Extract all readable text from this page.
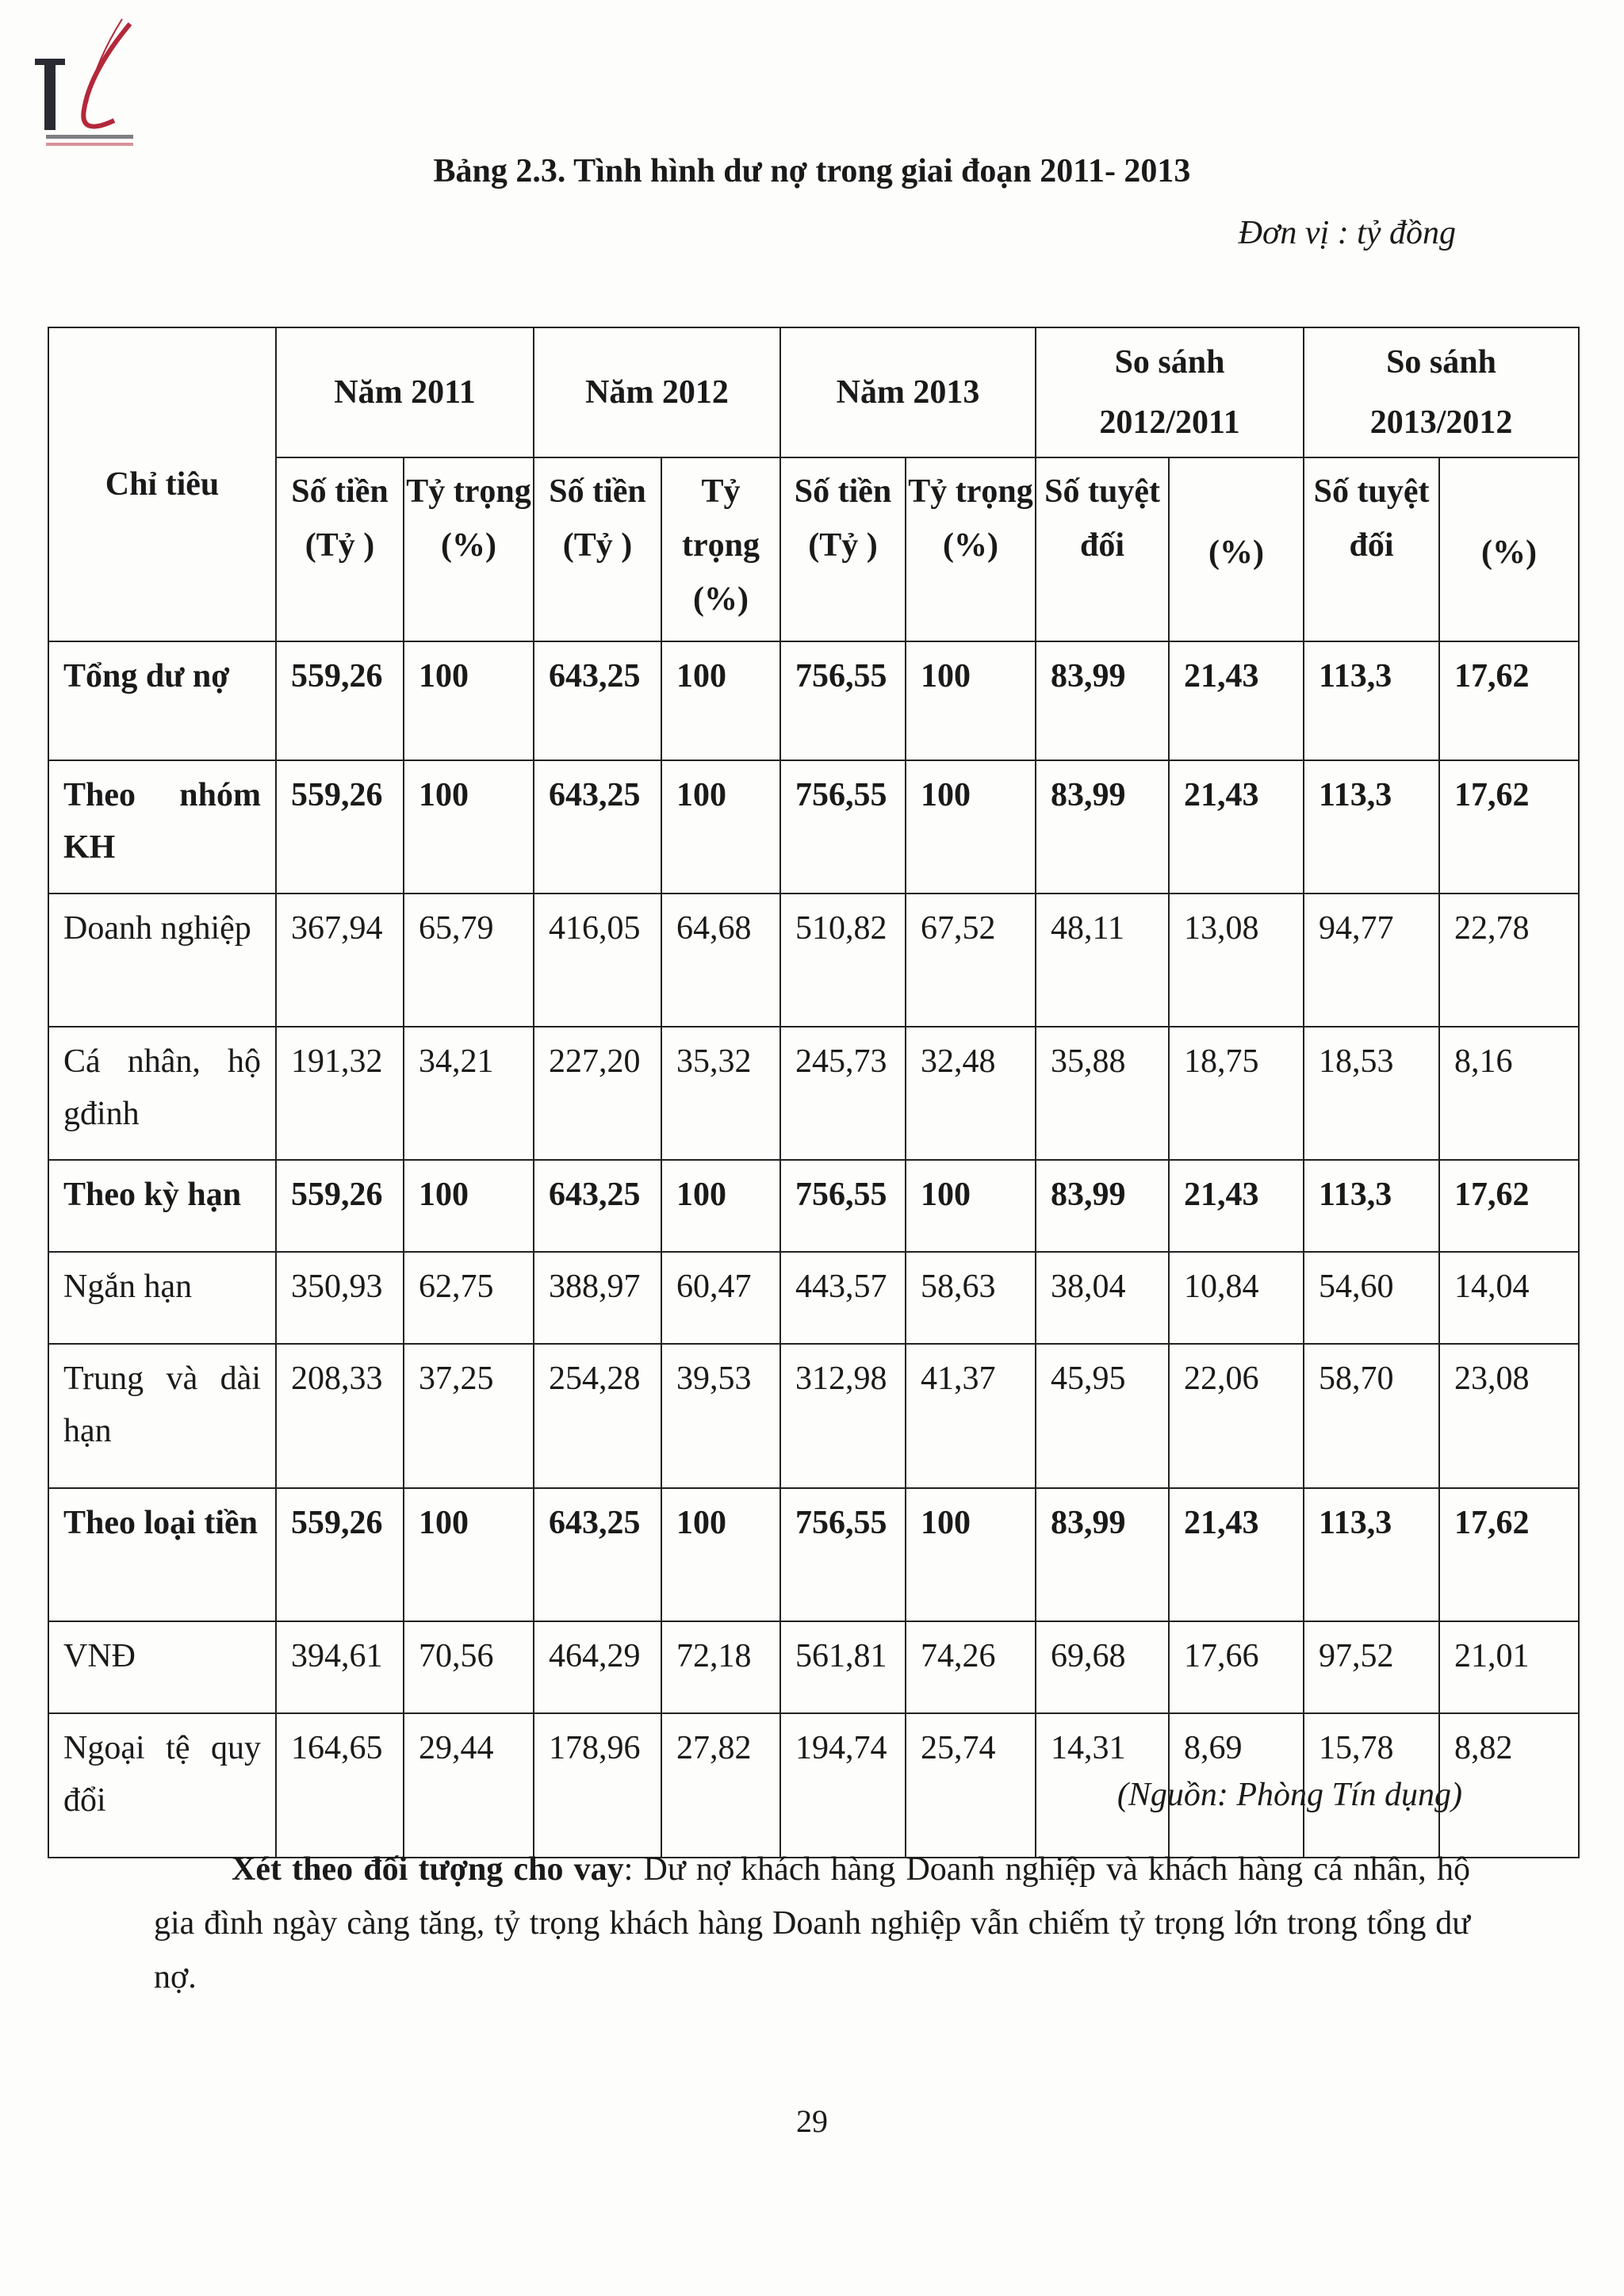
Bảng 2.3. Tình hình dư nợ trong giai đoạn 2011- 2013
Đơn vị : tỷ đồng
Chỉ tiêu	Năm 2011		Năm 2012		Năm 2013		So sánh 2012/2011		So sánh 2013/2012	
	Số tiền (Tỷ )	Tỷ trọng (%)	Số tiền (Tỷ )	Tỷ trọng (%)	Số tiền (Tỷ )	Tỷ trọng (%)	Số tuyệt đối	(%)	Số tuyệt đối	(%)
Tổng dư nợ	559,26	100	643,25	100	756,55	100	83,99	21,43	113,3	17,62
Theo nhóm KH	559,26	100	643,25	100	756,55	100	83,99	21,43	113,3	17,62
Doanh nghiệp	367,94	65,79	416,05	64,68	510,82	67,52	48,11	13,08	94,77	22,78
Cá nhân, hộ gđinh	191,32	34,21	227,20	35,32	245,73	32,48	35,88	18,75	18,53	8,16
Theo kỳ hạn	559,26	100	643,25	100	756,55	100	83,99	21,43	113,3	17,62
Ngắn hạn	350,93	62,75	388,97	60,47	443,57	58,63	38,04	10,84	54,60	14,04
Trung và dài hạn	208,33	37,25	254,28	39,53	312,98	41,37	45,95	22,06	58,70	23,08
Theo loại tiền	559,26	100	643,25	100	756,55	100	83,99	21,43	113,3	17,62
VNĐ	394,61	70,56	464,29	72,18	561,81	74,26	69,68	17,66	97,52	21,01
Ngoại tệ quy đổi	164,65	29,44	178,96	27,82	194,74	25,74	14,31	8,69	15,78	8,82
(Nguồn: Phòng Tín dụng)
Xét theo đối tượng cho vay: Dư nợ khách hàng Doanh nghiệp và khách hàng cá nhân, hộ gia đình ngày càng tăng, tỷ trọng khách hàng Doanh nghiệp vẫn chiếm tỷ trọng lớn trong tổng dư nợ.
29
